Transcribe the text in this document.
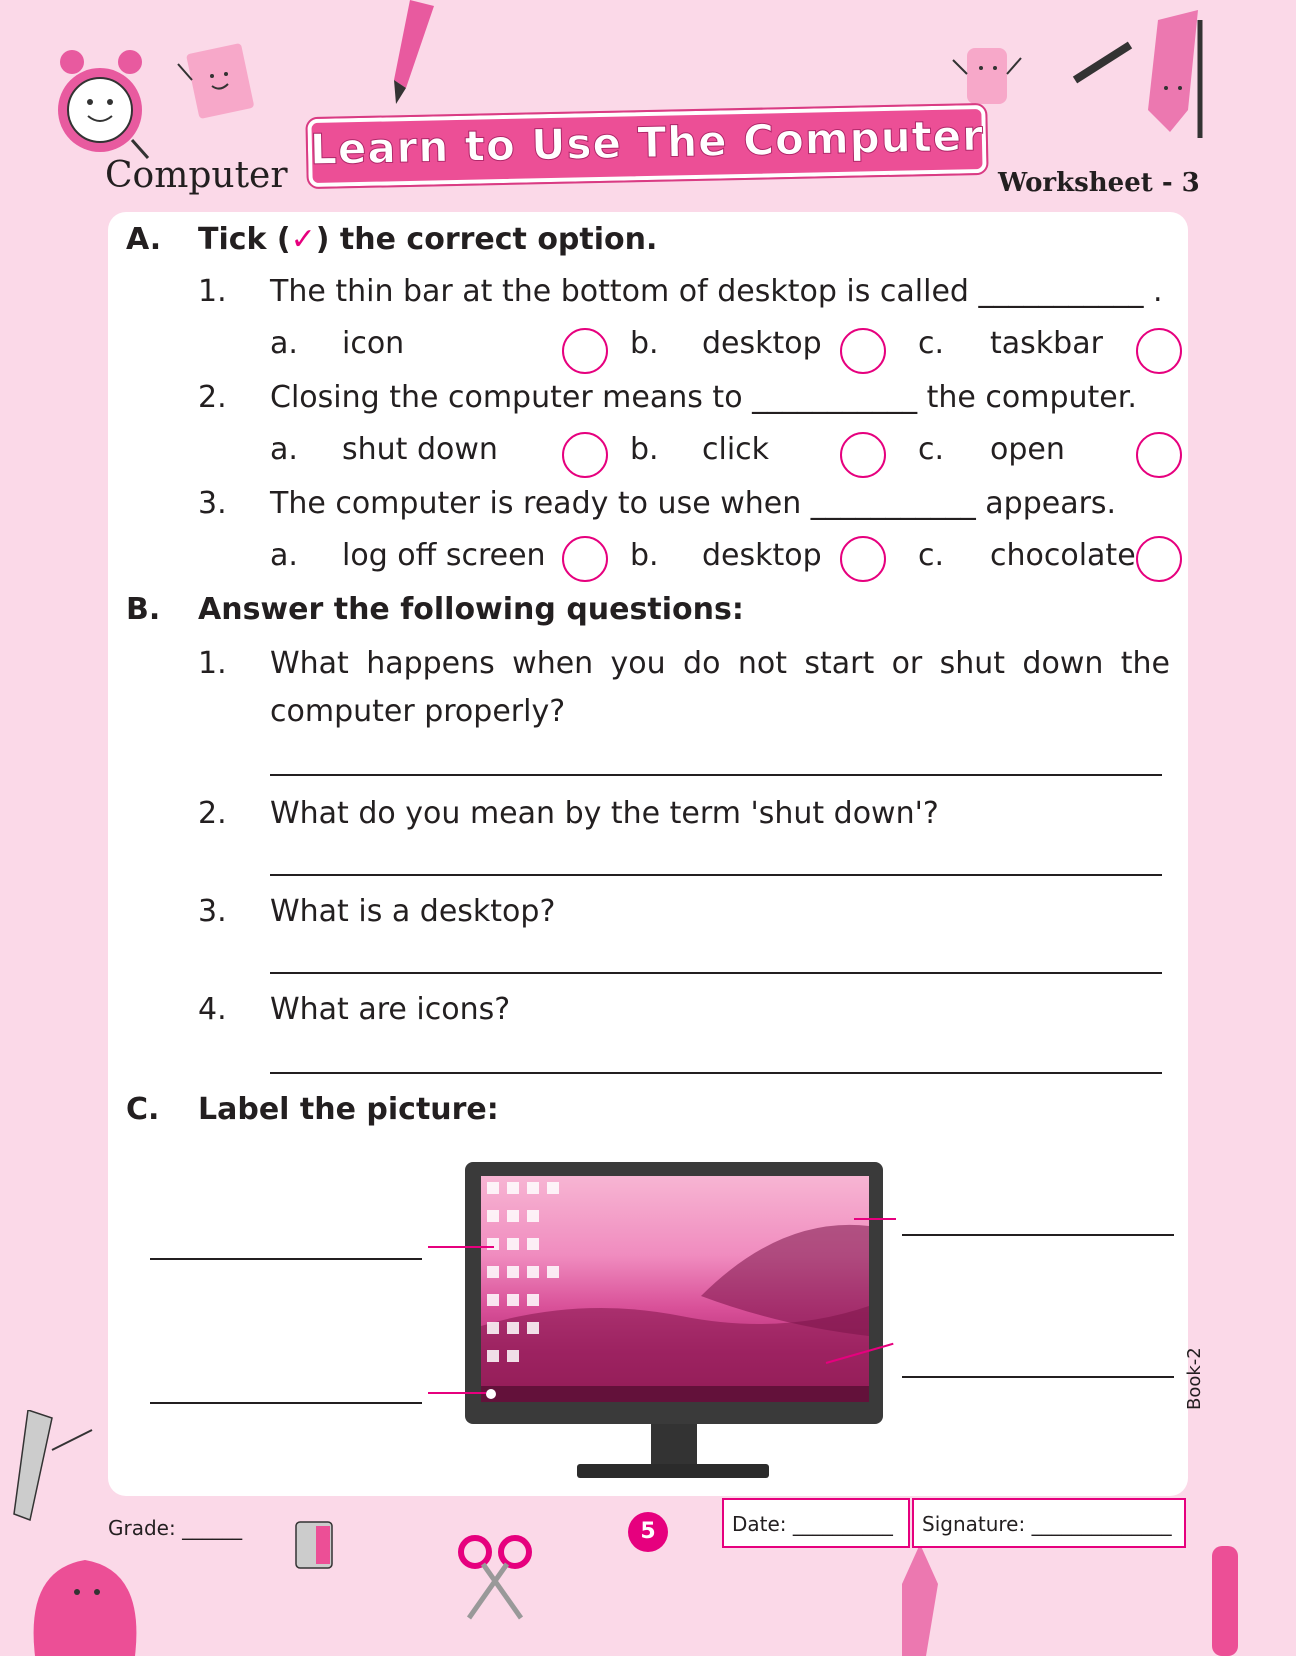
Computer
Learn to Use The Computer
Worksheet - 3
A. Tick (✓) the correct option.
1. The thin bar at the bottom of desktop is called ___________ .
a. icon	b. desktop	c. taskbar
2. Closing the computer means to ___________ the computer.
a. shut down	b. click	c. open
3. The computer is ready to use when ___________ appears.
a. log off screen	b. desktop	c. chocolate
B. Answer the following questions:
1. What happens when you do not start or shut down the
computer properly?
2. What do you mean by the term 'shut down'?
3. What is a desktop?
4. What are icons?
C. Label the picture:
Grade: ______	5	Date: __________ Signature: ______________
Book-2
